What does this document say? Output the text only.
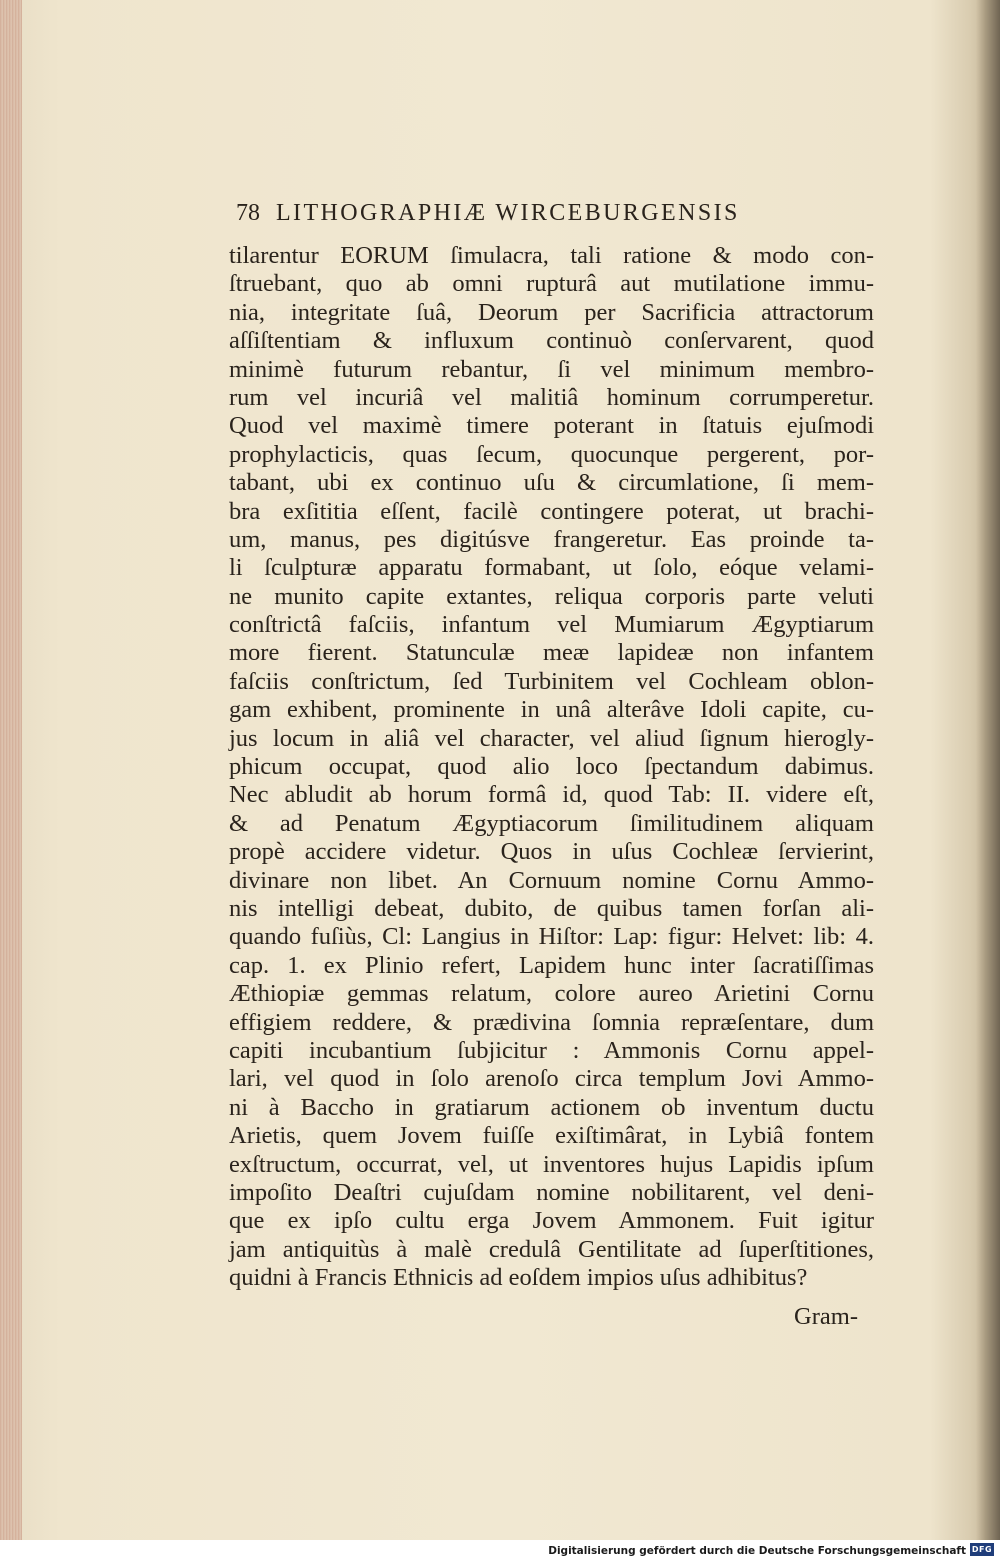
78 LITHOGRAPHIÆ WIRCEBURGENSIS
tilarentur EORUM ſimulacra, tali ratione & modo con-
ſtruebant, quo ab omni rupturâ aut mutilatione immu-
nia, integritate ſuâ, Deorum per Sacrificia attractorum
aſſiſtentiam & influxum continuò conſervarent, quod
minimè futurum rebantur, ſi vel minimum membro-
rum vel incuriâ vel malitiâ hominum corrumperetur.
Quod vel maximè timere poterant in ſtatuis ejuſmodi
prophylacticis, quas ſecum, quocunque pergerent, por-
tabant, ubi ex continuo uſu & circumlatione, ſi mem-
bra exſititia eſſent, facilè contingere poterat, ut brachi-
um, manus, pes digitúsve frangeretur. Eas proinde ta-
li ſculpturæ apparatu formabant, ut ſolo, eóque velami-
ne munito capite extantes, reliqua corporis parte veluti
conſtrictâ faſciis, infantum vel Mumiarum Ægyptiarum
more fierent. Statunculæ meæ lapideæ non infantem
faſciis conſtrictum, ſed Turbinitem vel Cochleam oblon-
gam exhibent, prominente in unâ alterâve Idoli capite, cu-
jus locum in aliâ vel character, vel aliud ſignum hierogly-
phicum occupat, quod alio loco ſpectandum dabimus.
Nec abludit ab horum formâ id, quod Tab: II. videre eſt,
& ad Penatum Ægyptiacorum ſimilitudinem aliquam
propè accidere videtur. Quos in uſus Cochleæ ſervierint,
divinare non libet. An Cornuum nomine Cornu Ammo-
nis intelligi debeat, dubito, de quibus tamen forſan ali-
quando fuſiùs, Cl: Langius in Hiſtor: Lap: figur: Helvet: lib: 4.
cap. 1. ex Plinio refert, Lapidem hunc inter ſacratiſſimas
Æthiopiæ gemmas relatum, colore aureo Arietini Cornu
effigiem reddere, & prædivina ſomnia repræſentare, dum
capiti incubantium ſubjicitur : Ammonis Cornu appel-
lari, vel quod in ſolo arenoſo circa templum Jovi Ammo-
ni à Baccho in gratiarum actionem ob inventum ductu
Arietis, quem Jovem fuiſſe exiſtimârat, in Lybiâ fontem
exſtructum, occurrat, vel, ut inventores hujus Lapidis ipſum
impoſito Deaſtri cujuſdam nomine nobilitarent, vel deni-
que ex ipſo cultu erga Jovem Ammonem. Fuit igitur
jam antiquitùs à malè credulâ Gentilitate ad ſuperſtitiones,
quidni à Francis Ethnicis ad eoſdem impios uſus adhibitus?
Gram-
Digitalisierung gefördert durch die Deutsche Forschungsgemeinschaft DFG
